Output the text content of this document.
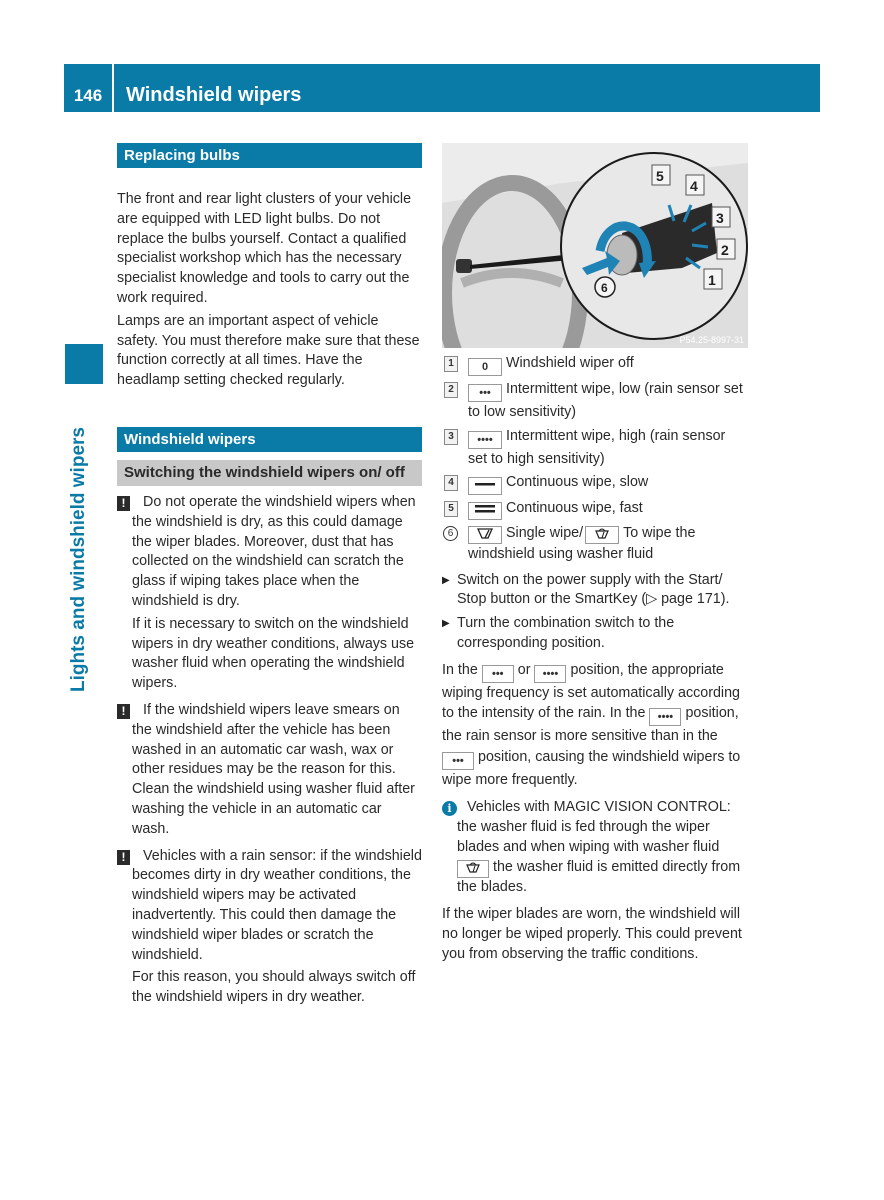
146	Windshield wipers
Lights and windshield wipers
Replacing bulbs

The front and rear light clusters of your vehicle are equipped with LED light bulbs. Do not replace the bulbs yourself. Contact a qualified specialist workshop which has the necessary specialist knowledge and tools to carry out the work required.

Lamps are an important aspect of vehicle safety. You must therefore make sure that these function correctly at all times. Have the headlamp setting checked regularly.

Windshield wipers
Switching the windshield wipers on/ off
!	Do not operate the windshield wipers when the windshield is dry, as this could damage the wiper blades. Moreover, dust that has collected on the windshield can scratch the glass if wiping takes place when the windshield is dry.

If it is necessary to switch on the windshield wipers in dry weather conditions, always use washer fluid when operating the windshield wipers.

!	If the windshield wipers leave smears on the windshield after the vehicle has been washed in an automatic car wash, wax or other residues may be the reason for this. Clean the windshield using washer fluid after washing the vehicle in an automatic car wash.

!	Vehicles with a rain sensor: if the windshield becomes dirty in dry weather conditions, the windshield wipers may be activated inadvertently. This could then damage the windshield wiper blades or scratch the windshield.

For this reason, you should always switch off the windshield wipers in dry weather.

5
4
3
2
1
6
P54.25-8997-31
1	0 Windshield wiper off
2	••• Intermittent wipe, low (rain sensor set to low sensitivity)
3	•••• Intermittent wipe, high (rain sensor set to high sensitivity)
4	Continuous wipe, slow
5	Continuous wipe, fast
6	Single wipe/	To wipe the windshield using washer fluid
▶ Switch on the power supply with the Start/ Stop button or the SmartKey (▷ page 171).

▶ Turn the combination switch to the corresponding position.

In the ••• or •••• position, the appropriate wiping frequency is set automatically according to the intensity of the rain. In the •••• position, the rain sensor is more sensitive than in the ••• position, causing the windshield wipers to wipe more frequently.

i	Vehicles with MAGIC VISION CONTROL: the washer fluid is fed through the wiper blades and when wiping with washer fluid the washer fluid is emitted directly from the blades.

If the wiper blades are worn, the windshield will no longer be wiped properly. This could prevent you from observing the traffic conditions.
